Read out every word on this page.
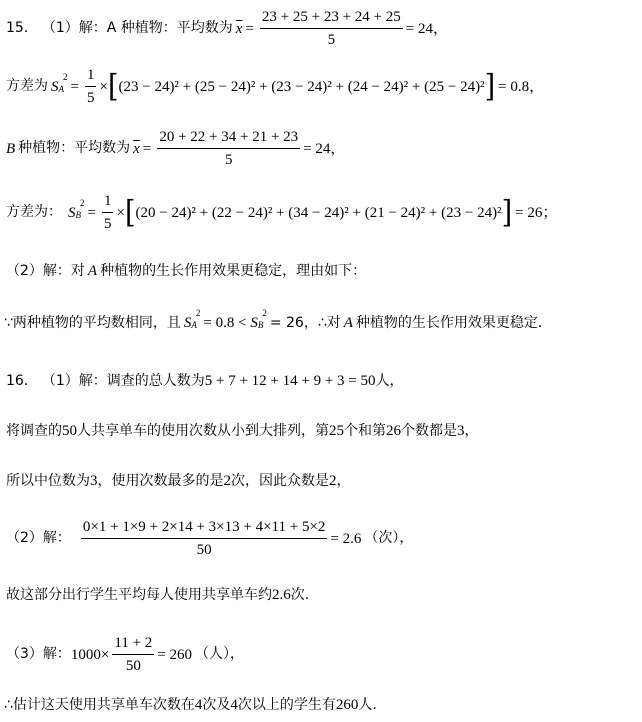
15． （1）解： A 种植物：平均数为 $\overline{x} = \frac{23 + 25 + 23 + 24 + 25}{5} = 24$，
方差为 $S_A$
$^2$
= $\frac{1}{5}$ × [ (23 − 24)² + (25 − 24)² + (23 − 24)² + (24 − 24)² + (25 − 24)² ] = 0.8，
B 种植物：平均数为 $\overline{x} = \frac{20 + 22 + 34 + 21 + 23}{5} = 24$，
方差为： $S_B$
$^2$
= $\frac{1}{5}$ × [ (20 − 24)² + (22 − 24)² + (34 − 24)² + (21 − 24)² + (23 − 24)² ] = 26；
（2）解：对 A 种植物的生长作用效果更稳定，理由如下：
∵两种植物的平均数相同，且 $S_A$
$^2$
= $0.8 < S_B$
$^2$
= 26，∴对 A 种植物的生长作用效果更稳定．
16． （1）解：调查的总人数为 5 + 7 + 12 + 14 + 9 + 3 = 50 人，
将调查的 50 人共享单车的使用次数从小到大排列，第 25 个和第 26 个数都是 3 ，
所以中位数为 3 ，使用次数最多的是 2 次，因此众数是 2 ，
（2）解： $\frac{0\times 1 + 1\times 9 + 2\times 14 + 3\times 13 + 4\times 11 + 5\times 2}{50} = 2.6$ （次），
故这部分出行学生平均每人使用共享单车约 2.6 次.
（3）解： $1000\times \frac{11 + 2}{50} = 260$ （人），
∴估计这天使用共享单车次数在 4 次及 4 次以上的学生有 260 人.
